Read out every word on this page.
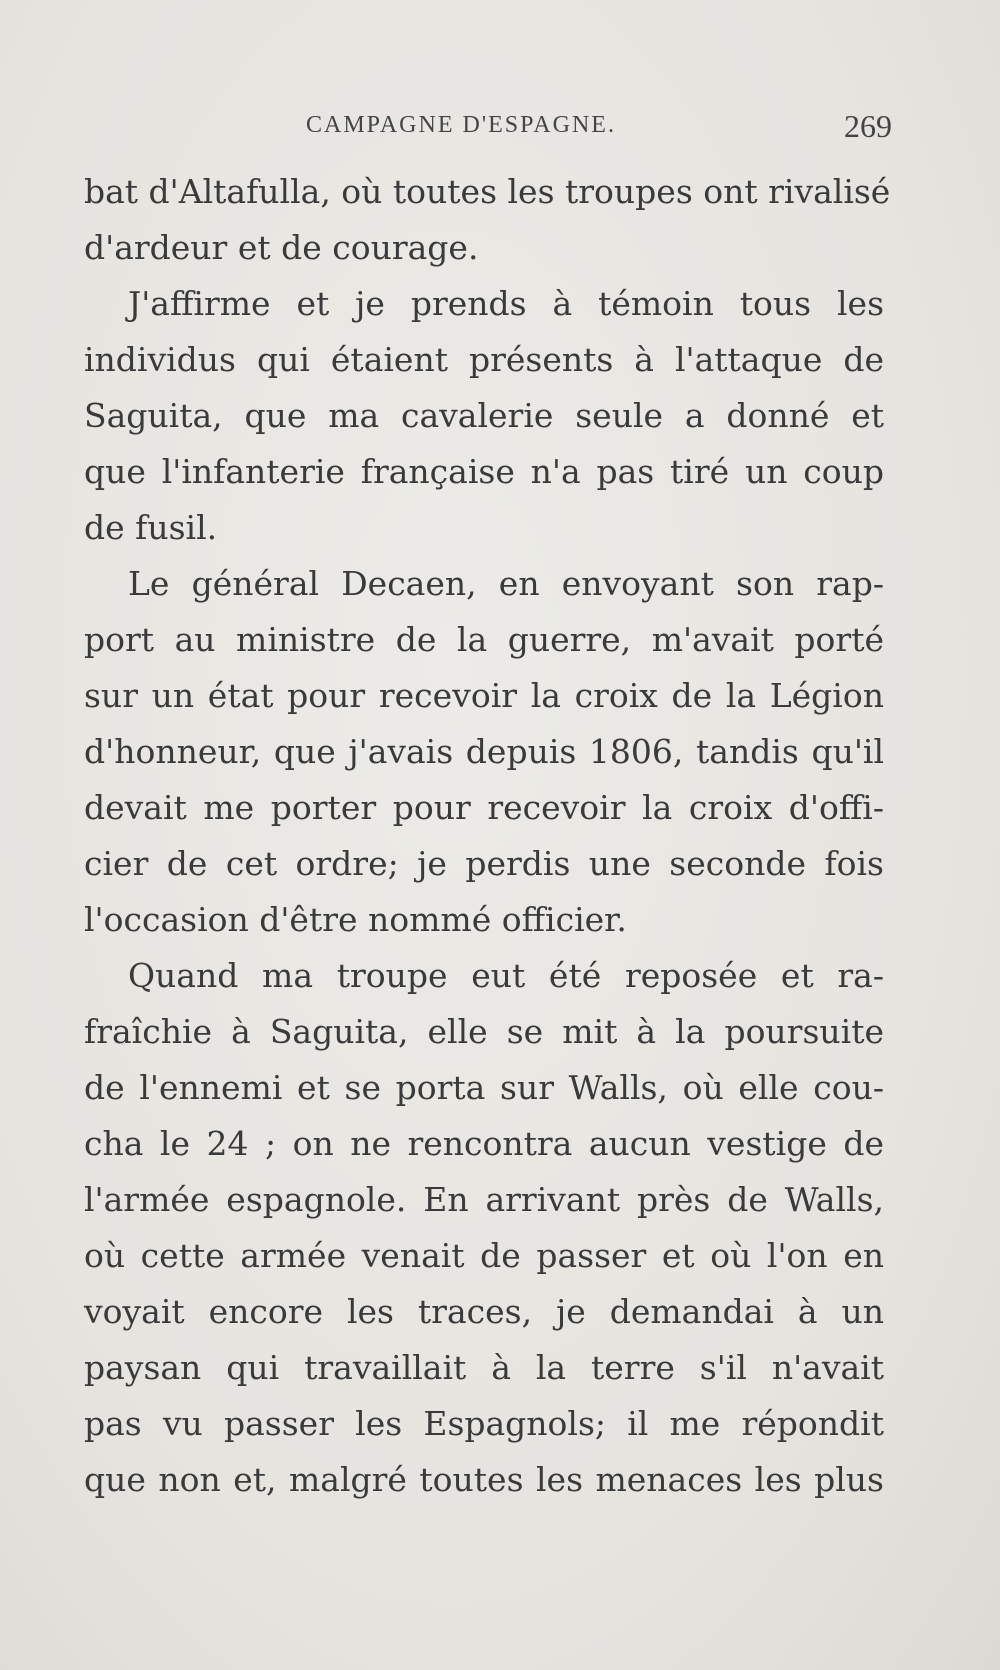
CAMPAGNE D'ESPAGNE.	269
bat d'Altafulla, où toutes les troupes ont rivalisé
d'ardeur et de courage.
J'affirme et je prends à témoin tous les
individus qui étaient présents à l'attaque de
Saguita, que ma cavalerie seule a donné et
que l'infanterie française n'a pas tiré un coup
de fusil.
Le général Decaen, en envoyant son rap-
port au ministre de la guerre, m'avait porté
sur un état pour recevoir la croix de la Légion
d'honneur, que j'avais depuis 1806, tandis qu'il
devait me porter pour recevoir la croix d'offi-
cier de cet ordre; je perdis une seconde fois
l'occasion d'être nommé officier.
Quand ma troupe eut été reposée et ra-
fraîchie à Saguita, elle se mit à la poursuite
de l'ennemi et se porta sur Walls, où elle cou-
cha le 24 ; on ne rencontra aucun vestige de
l'armée espagnole. En arrivant près de Walls,
où cette armée venait de passer et où l'on en
voyait encore les traces, je demandai à un
paysan qui travaillait à la terre s'il n'avait
pas vu passer les Espagnols; il me répondit
que non et, malgré toutes les menaces les plus
